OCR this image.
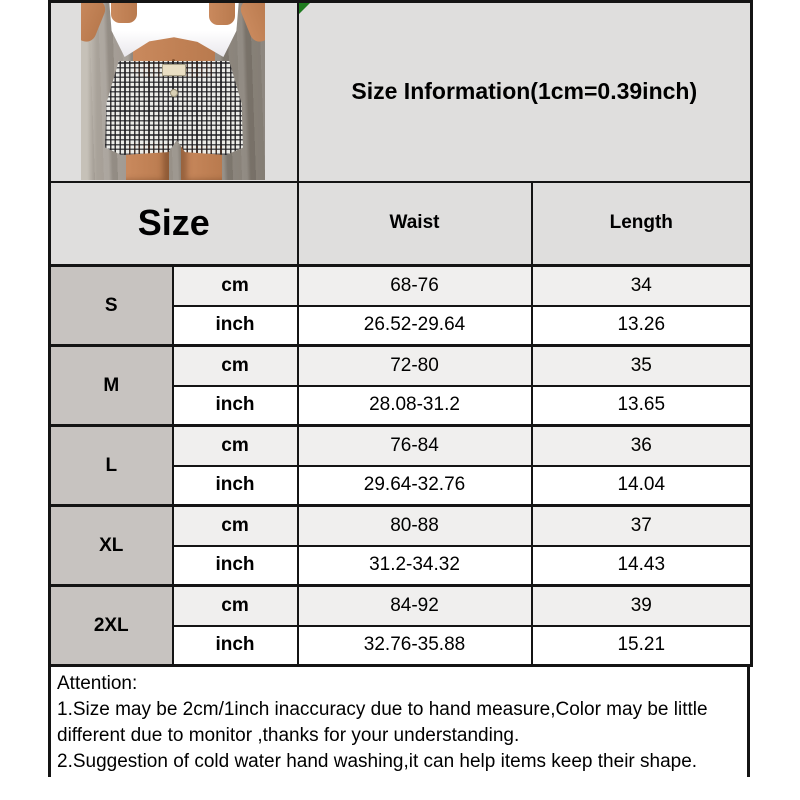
Size Information(1cm=0.39inch)	
Size		Waist	Length
S	cm	68-76	34
	inch	26.52-29.64	13.26
M	cm	72-80	35
	inch	28.08-31.2	13.65
L	cm	76-84	36
	inch	29.64-32.76	14.04
XL	cm	80-88	37
	inch	31.2-34.32	14.43
2XL	cm	84-92	39
	inch	32.76-35.88	15.21
Attention:
1.Size may be 2cm/1inch inaccuracy due to hand measure,Color may be little
different due to monitor ,thanks for your understanding.
2.Suggestion of cold water hand washing,it can help items keep their shape.
